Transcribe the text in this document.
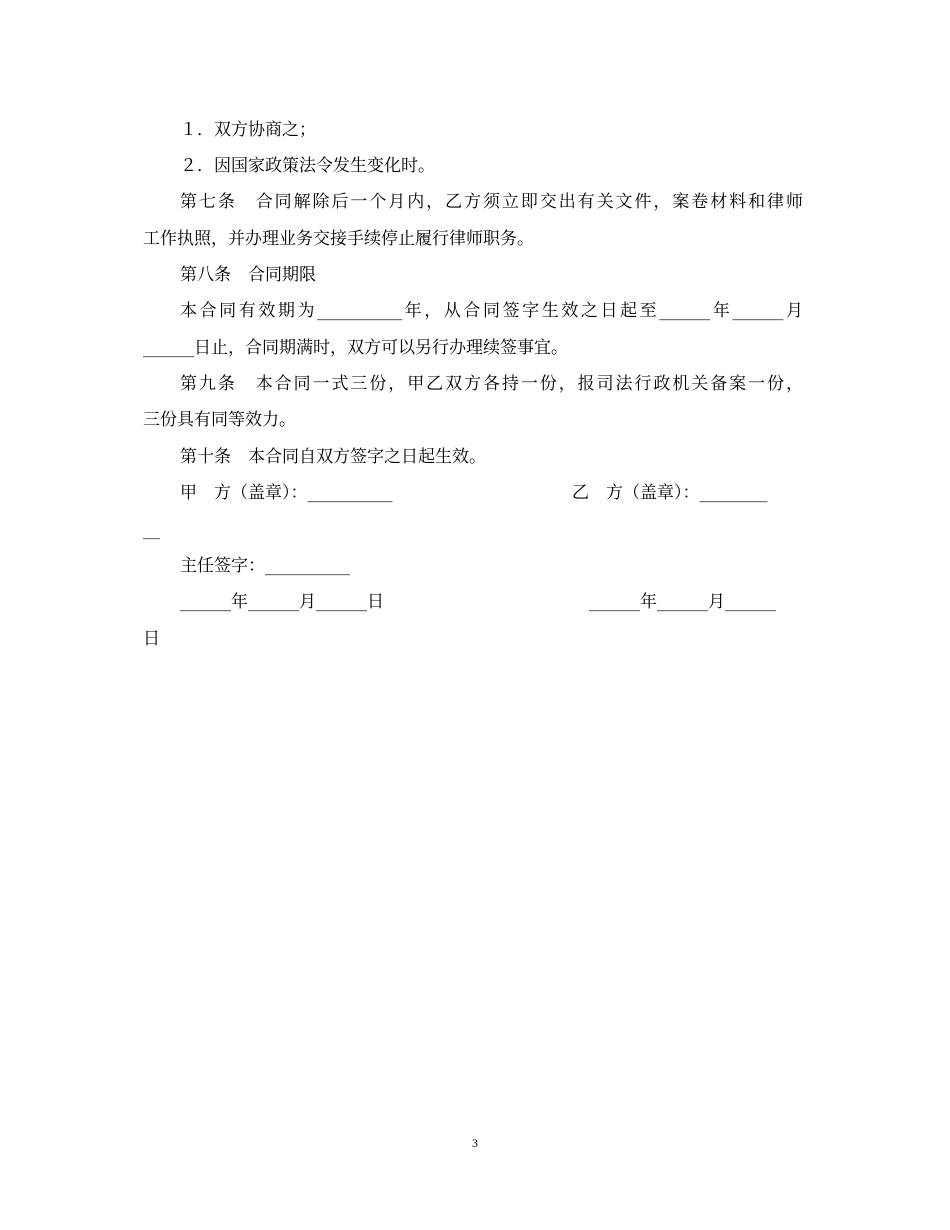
１．双方协商之；
２．因国家政策法令发生变化时。
第七条　合同解除后一个月内，乙方须立即交出有关文件，案卷材料和律师
工作执照，并办理业务交接手续停止履行律师职务。
第八条　合同期限
本合同有效期为__________年，从合同签字生效之日起至______年______月
______日止，合同期满时，双方可以另行办理续签事宜。
第九条　本合同一式三份，甲乙双方各持一份，报司法行政机关备案一份，
三份具有同等效力。
第十条　本合同自双方签字之日起生效。
甲　方（盖章）：__________	乙　方（盖章）：________
__
主任签字：__________
______年______月______日	______年______月______
日
3
